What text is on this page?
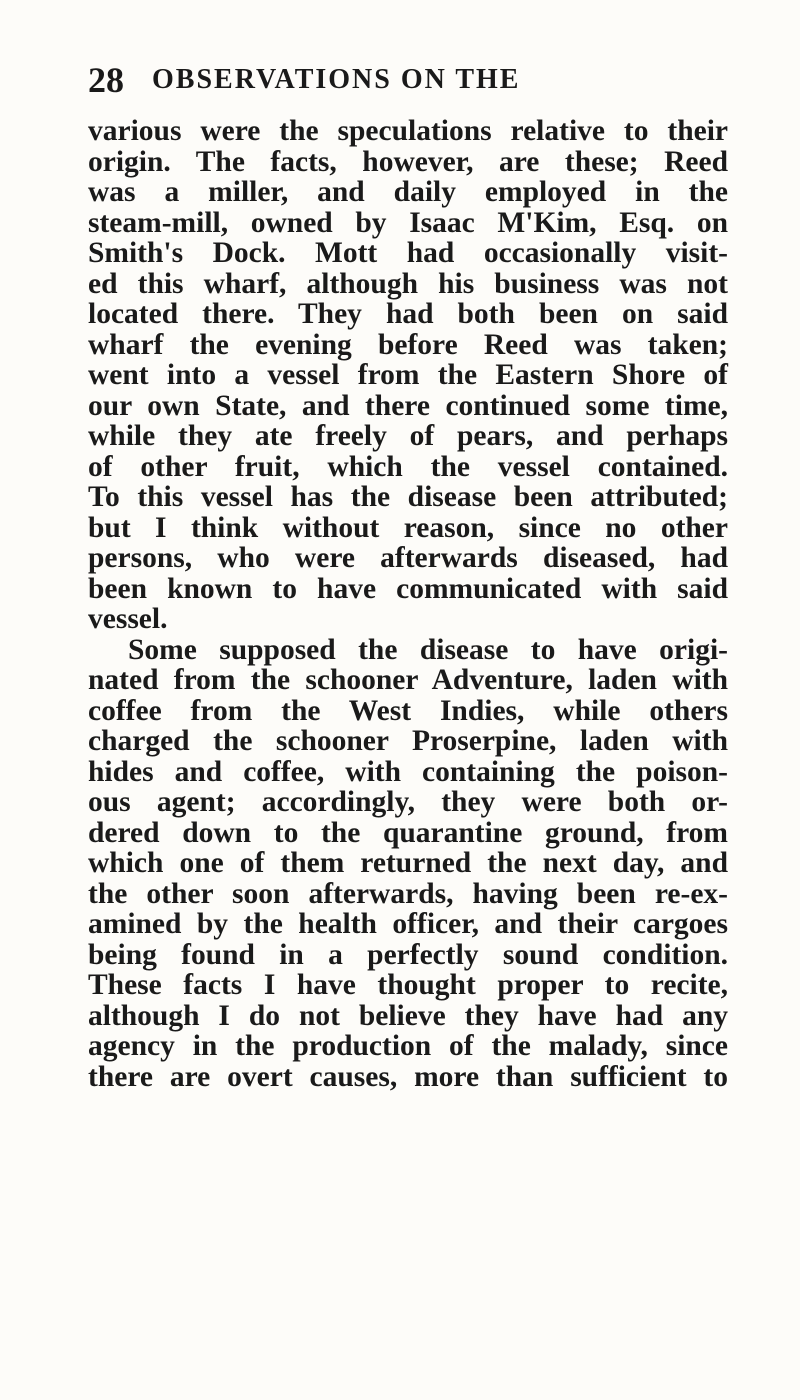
28 OBSERVATIONS ON THE
various were the speculations relative to their
origin. The facts, however, are these; Reed
was a miller, and daily employed in the
steam-mill, owned by Isaac M'Kim, Esq. on
Smith's Dock. Mott had occasionally visit-
ed this wharf, although his business was not
located there. They had both been on said
wharf the evening before Reed was taken;
went into a vessel from the Eastern Shore of
our own State, and there continued some time,
while they ate freely of pears, and perhaps
of other fruit, which the vessel contained.
To this vessel has the disease been attributed;
but I think without reason, since no other
persons, who were afterwards diseased, had
been known to have communicated with said
vessel.
Some supposed the disease to have origi-
nated from the schooner Adventure, laden with
coffee from the West Indies, while others
charged the schooner Proserpine, laden with
hides and coffee, with containing the poison-
ous agent; accordingly, they were both or-
dered down to the quarantine ground, from
which one of them returned the next day, and
the other soon afterwards, having been re-ex-
amined by the health officer, and their cargoes
being found in a perfectly sound condition.
These facts I have thought proper to recite,
although I do not believe they have had any
agency in the production of the malady, since
there are overt causes, more than sufficient to
